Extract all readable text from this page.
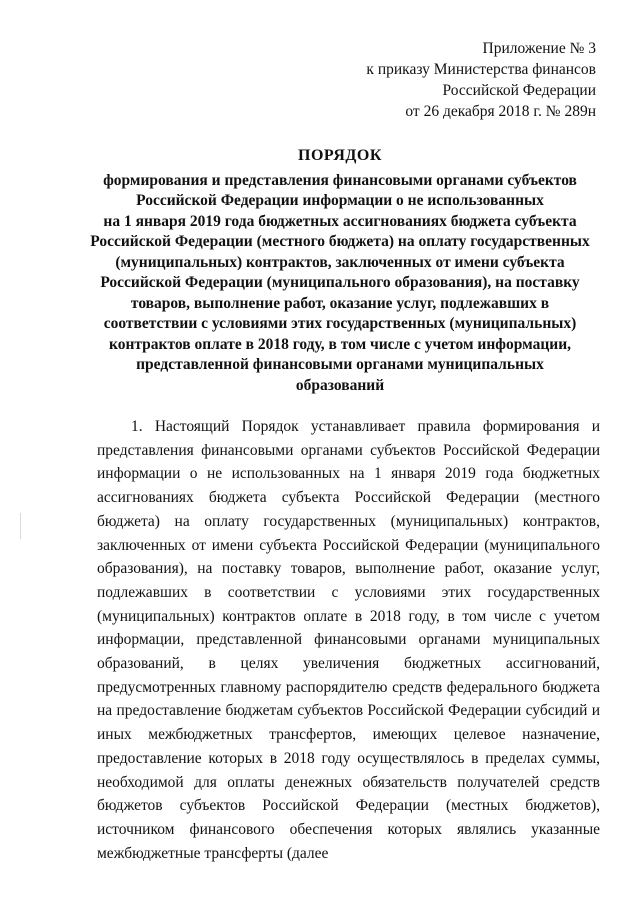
Приложение № 3
к приказу Министерства финансов
Российской Федерации
от 26 декабря 2018 г. № 289н
ПОРЯДОК
формирования и представления финансовыми органами субъектов
Российской Федерации информации о не использованных
на 1 января 2019 года бюджетных ассигнованиях бюджета субъекта
Российской Федерации (местного бюджета) на оплату государственных
(муниципальных) контрактов, заключенных от имени субъекта
Российской Федерации (муниципального образования), на поставку
товаров, выполнение работ, оказание услуг, подлежавших в
соответствии с условиями этих государственных (муниципальных)
контрактов оплате в 2018 году, в том числе с учетом информации,
представленной финансовыми органами муниципальных
образований

1. Настоящий Порядок устанавливает правила формирования и представления финансовыми органами субъектов Российской Федерации информации о не использованных на 1 января 2019 года бюджетных ассигнованиях бюджета субъекта Российской Федерации (местного бюджета) на оплату государственных (муниципальных) контрактов, заключенных от имени субъекта Российской Федерации (муниципального образования), на поставку товаров, выполнение работ, оказание услуг, подлежавших в соответствии с условиями этих государственных (муниципальных) контрактов оплате в 2018 году, в том числе с учетом информации, представленной финансовыми органами муниципальных образований, в целях увеличения бюджетных ассигнований, предусмотренных главному распорядителю средств федерального бюджета на предоставление бюджетам субъектов Российской Федерации субсидий и иных межбюджетных трансфертов, имеющих целевое назначение, предоставление которых в 2018 году осуществлялось в пределах суммы, необходимой для оплаты денежных обязательств получателей средств бюджетов субъектов Российской Федерации (местных бюджетов), источником финансового обеспечения которых являлись указанные межбюджетные трансферты (далее
